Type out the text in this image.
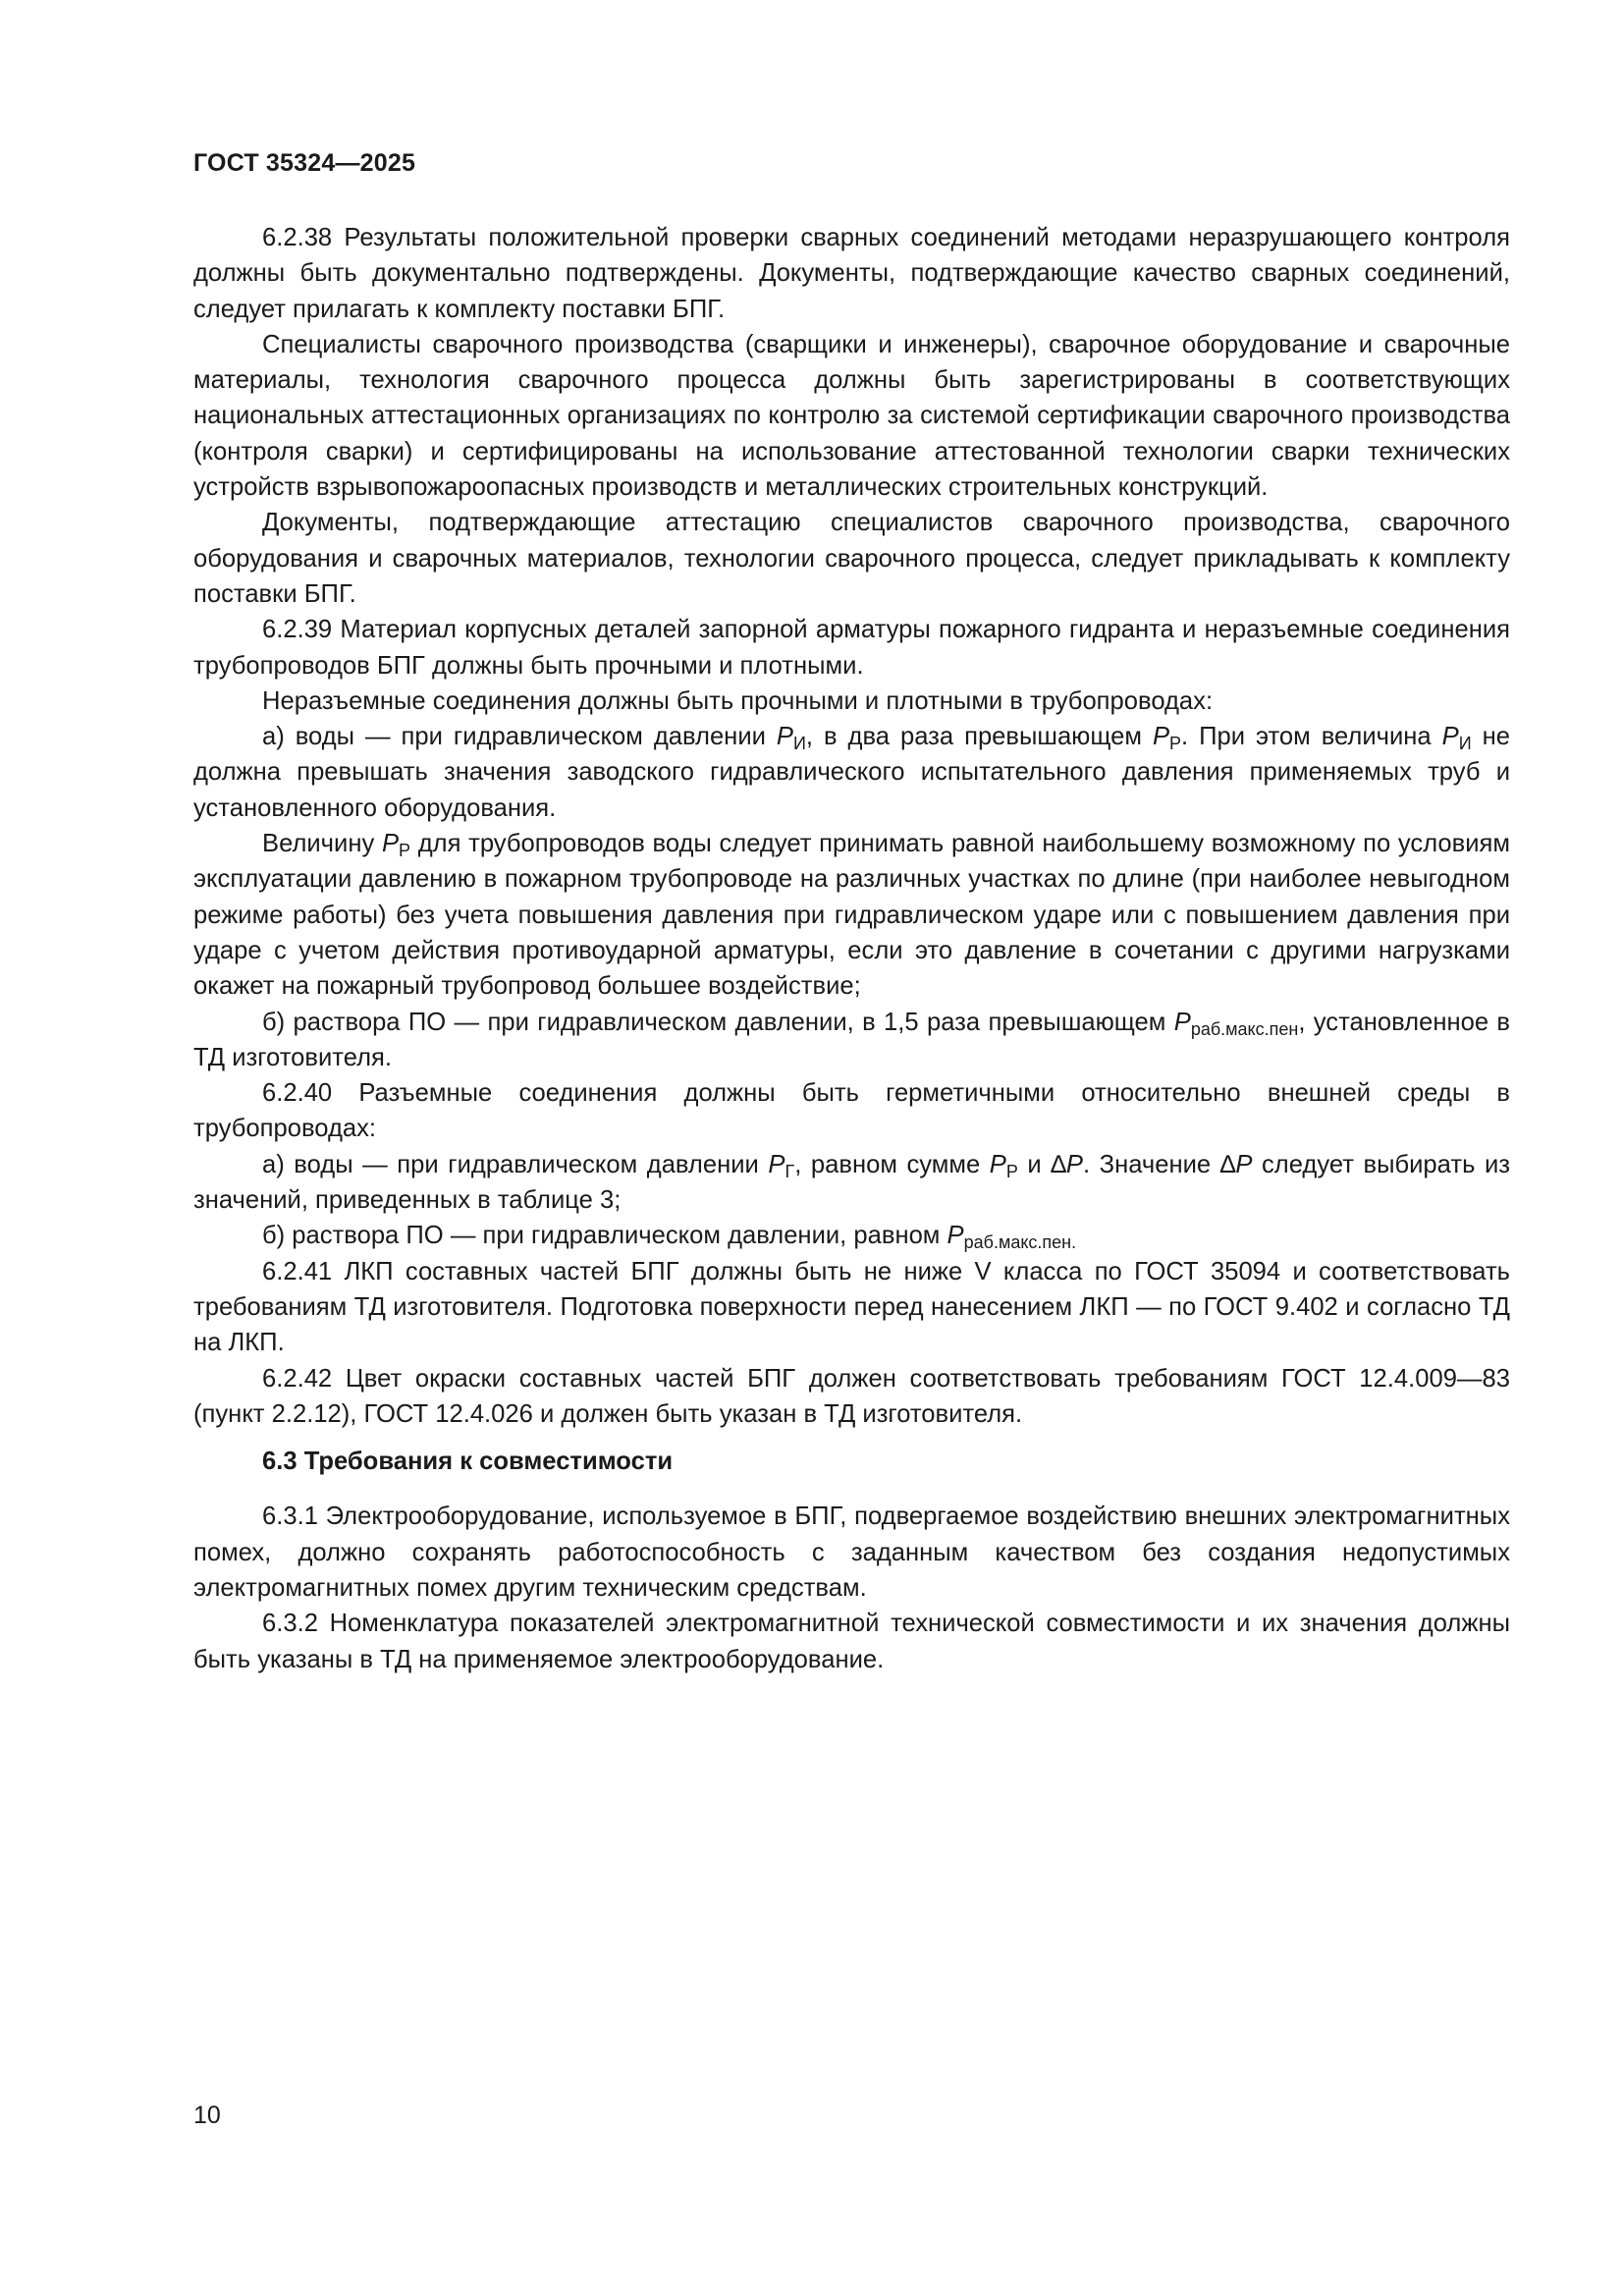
ГОСТ 35324—2025

6.2.38 Результаты положительной проверки сварных соединений методами неразрушающего контроля должны быть документально подтверждены. Документы, подтверждающие качество сварных соединений, следует прилагать к комплекту поставки БПГ.

Специалисты сварочного производства (сварщики и инженеры), сварочное оборудование и сварочные материалы, технология сварочного процесса должны быть зарегистрированы в соответствующих национальных аттестационных организациях по контролю за системой сертификации сварочного производства (контроля сварки) и сертифицированы на использование аттестованной технологии сварки технических устройств взрывопожароопасных производств и металлических строительных конструкций.

Документы, подтверждающие аттестацию специалистов сварочного производства, сварочного оборудования и сварочных материалов, технологии сварочного процесса, следует прикладывать к комплекту поставки БПГ.

6.2.39 Материал корпусных деталей запорной арматуры пожарного гидранта и неразъемные соединения трубопроводов БПГ должны быть прочными и плотными.

Неразъемные соединения должны быть прочными и плотными в трубопроводах:

а) воды — при гидравлическом давлении $P_И$, в два раза превышающем $P_Р$. При этом величина $P_И$ не должна превышать значения заводского гидравлического испытательного давления применяемых труб и установленного оборудования.

Величину $P_Р$ для трубопроводов воды следует принимать равной наибольшему возможному по условиям эксплуатации давлению в пожарном трубопроводе на различных участках по длине (при наиболее невыгодном режиме работы) без учета повышения давления при гидравлическом ударе или с повышением давления при ударе с учетом действия противоударной арматуры, если это давление в сочетании с другими нагрузками окажет на пожарный трубопровод большее воздействие;

б) раствора ПО — при гидравлическом давлении, в 1,5 раза превышающем $P_{раб.макс.пен}$, установленное в ТД изготовителя.

6.2.40 Разъемные соединения должны быть герметичными относительно внешней среды в трубопроводах:

а) воды — при гидравлическом давлении $P_Г$, равном сумме $P_Р$ и ∆P. Значение ∆P следует выбирать из значений, приведенных в таблице 3;

б) раствора ПО — при гидравлическом давлении, равном $P_{раб.макс.пен.}$

6.2.41 ЛКП составных частей БПГ должны быть не ниже V класса по ГОСТ 35094 и соответствовать требованиям ТД изготовителя. Подготовка поверхности перед нанесением ЛКП — по ГОСТ 9.402 и согласно ТД на ЛКП.

6.2.42 Цвет окраски составных частей БПГ должен соответствовать требованиям ГОСТ 12.4.009—83 (пункт 2.2.12), ГОСТ 12.4.026 и должен быть указан в ТД изготовителя.

6.3 Требования к совместимости

6.3.1 Электрооборудование, используемое в БПГ, подвергаемое воздействию внешних электромагнитных помех, должно сохранять работоспособность с заданным качеством без создания недопустимых электромагнитных помех другим техническим средствам.

6.3.2 Номенклатура показателей электромагнитной технической совместимости и их значения должны быть указаны в ТД на применяемое электрооборудование.

10
